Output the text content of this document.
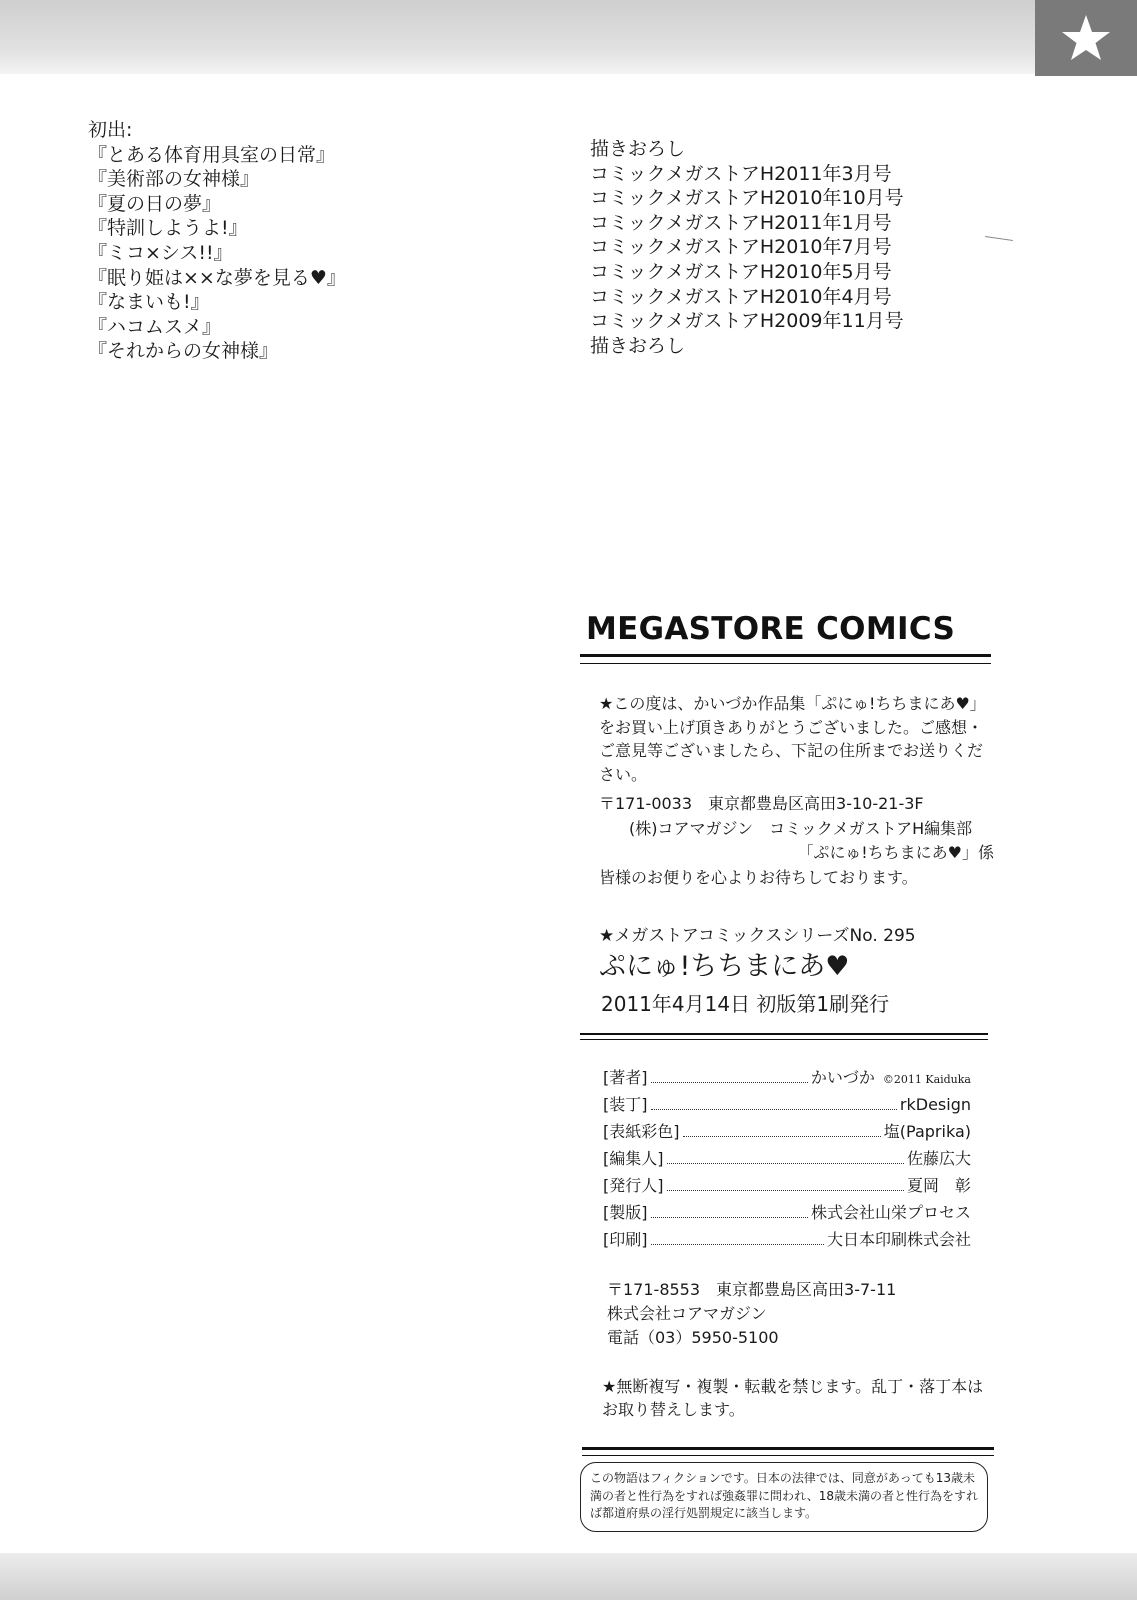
初出:
『とある体育用具室の日常』
『美術部の女神様』
『夏の日の夢』
『特訓しようよ!』
『ミコ×シス!!』
『眠り姫は××な夢を見る♥』
『なまいも!』
『ハコムスメ』
『それからの女神様』
描きおろし
コミックメガストアH2011年3月号
コミックメガストアH2010年10月号
コミックメガストアH2011年1月号
コミックメガストアH2010年7月号
コミックメガストアH2010年5月号
コミックメガストアH2010年4月号
コミックメガストアH2009年11月号
描きおろし
MEGASTORE COMICS
★この度は、かいづか作品集「ぷにゅ!ちちまにあ♥」をお買い上げ頂きありがとうございました。ご感想・ご意見等ございましたら、下記の住所までお送りください。
〒171-0033　東京都豊島区高田3-10-21-3F
(株)コアマガジン　コミックメガストアH編集部
「ぷにゅ!ちちまにあ♥」係
皆様のお便りを心よりお待ちしております。
★メガストアコミックスシリーズNo. 295
ぷにゅ!ちちまにあ♥
2011年4月14日 初版第1刷発行
[著者]	かいづか ©2011 Kaiduka
[装丁]	rkDesign
[表紙彩色]	塩(Paprika)
[編集人]	佐藤広大
[発行人]	夏岡　彰
[製版]	株式会社山栄プロセス
[印刷]	大日本印刷株式会社
〒171-8553　東京都豊島区高田3-7-11
株式会社コアマガジン
電話（03）5950-5100
★無断複写・複製・転載を禁じます。乱丁・落丁本はお取り替えします。
この物語はフィクションです。日本の法律では、同意があっても13歳未満の者と性行為をすれば強姦罪に問われ、18歳未満の者と性行為をすれば都道府県の淫行処罰規定に該当します。
